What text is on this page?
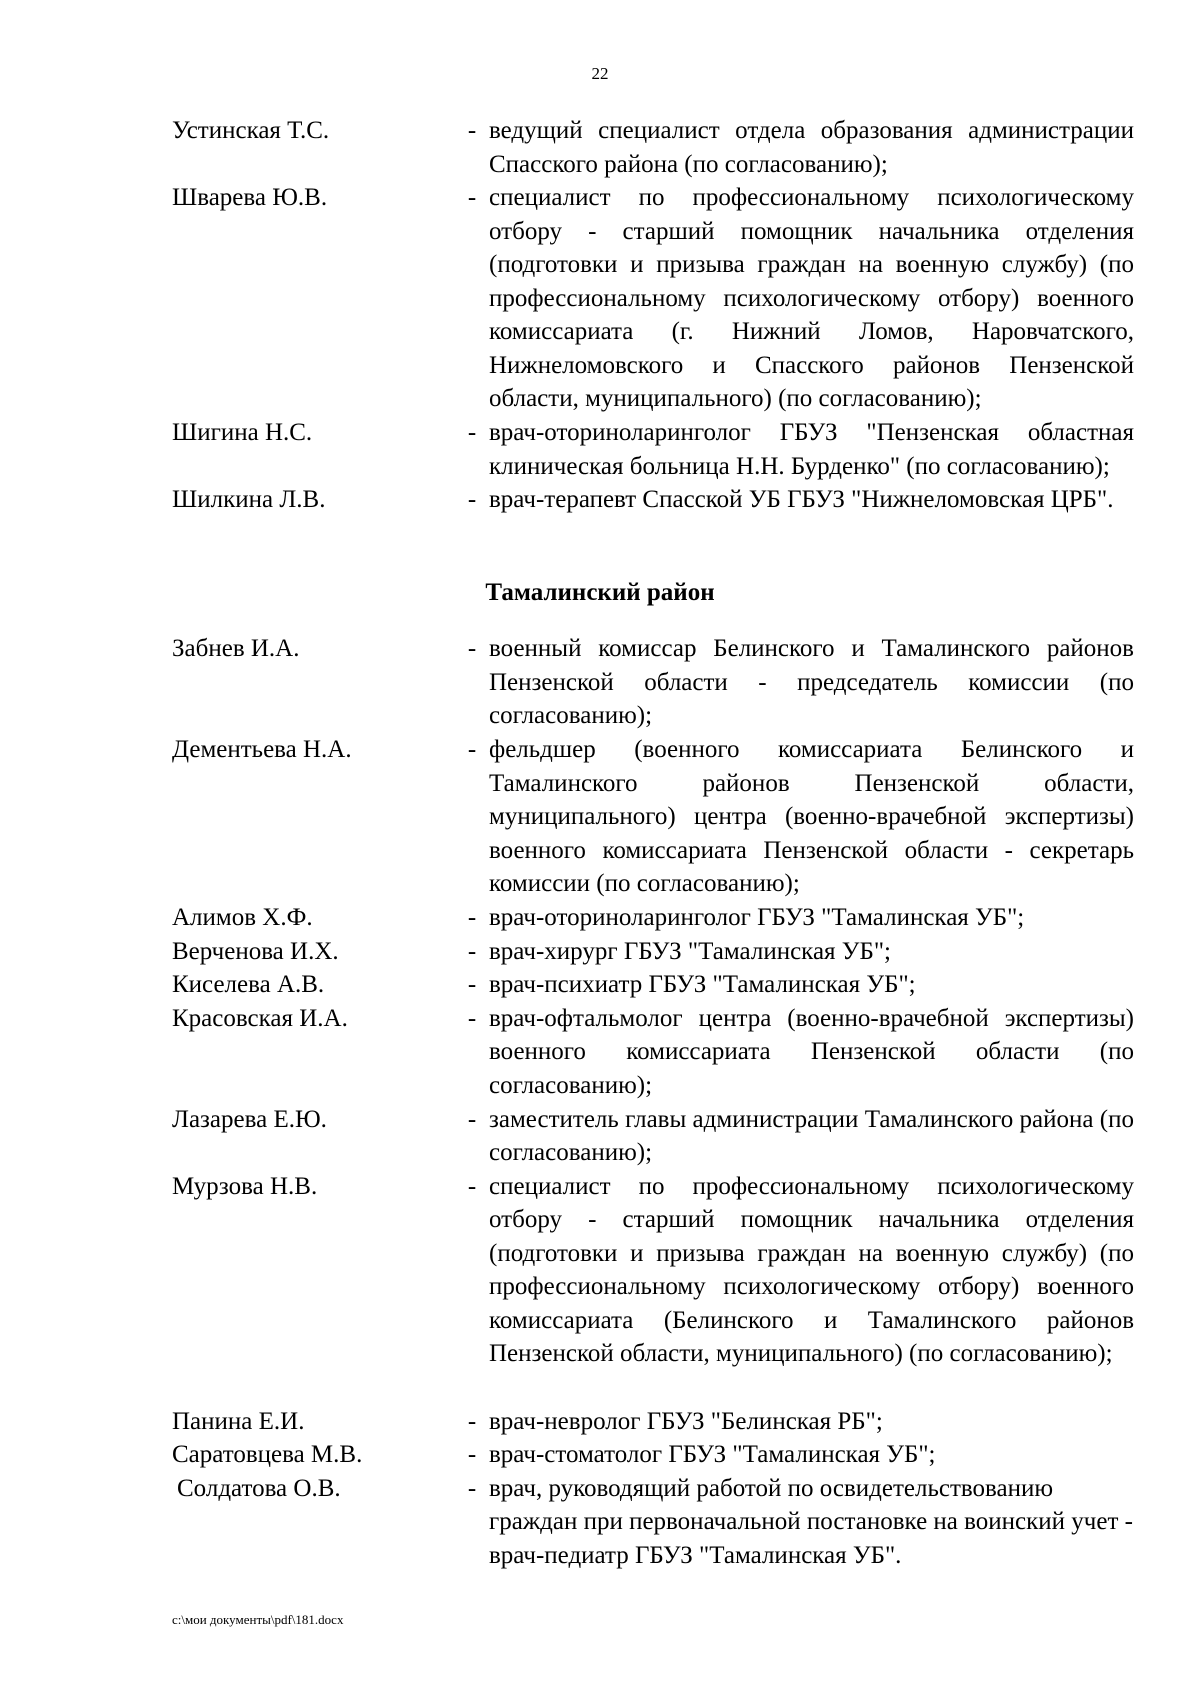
22
Устинская Т.С.	- ведущий специалист отдела образования администрации Спасского района (по согласованию);
Шварева Ю.В.	- специалист по профессиональному психологическому отбору - старший помощник начальника отделения (подготовки и призыва граждан на военную службу) (по профессиональному психологическому отбору) военного комиссариата (г. Нижний Ломов, Наровчатского, Нижнеломовского и Спасского районов Пензенской области, муниципального) (по согласованию);
Шигина Н.С.	- врач-оториноларинголог ГБУЗ "Пензенская областная клиническая больница Н.Н. Бурденко" (по согласованию);
Шилкина Л.В.	- врач-терапевт Спасской УБ ГБУЗ "Нижнеломовская ЦРБ".
Тамалинский район
Забнев И.А.	- военный комиссар Белинского и Тамалинского районов Пензенской области - председатель комиссии (по согласованию);
Дементьева Н.А.	- фельдшер (военного комиссариата Белинского и Тамалинского районов Пензенской области, муниципального) центра (военно-врачебной экспертизы) военного комиссариата Пензенской области - секретарь комиссии (по согласованию);
Алимов Х.Ф.	- врач-оториноларинголог ГБУЗ "Тамалинская УБ";
Верченова И.Х.	- врач-хирург ГБУЗ "Тамалинская УБ";
Киселева А.В.	- врач-психиатр ГБУЗ "Тамалинская УБ";
Красовская И.А.	- врач-офтальмолог центра (военно-врачебной экспертизы) военного комиссариата Пензенской области (по согласованию);
Лазарева Е.Ю.	- заместитель главы администрации Тамалинского района (по согласованию);
Мурзова Н.В.	- специалист по профессиональному психологическому отбору - старший помощник начальника отделения (подготовки и призыва граждан на военную службу) (по профессиональному психологическому отбору) военного комиссариата (Белинского и Тамалинского районов Пензенской области, муниципального) (по согласованию);
Панина Е.И.	- врач-невролог ГБУЗ "Белинская РБ";
Саратовцева М.В.	- врач-стоматолог ГБУЗ "Тамалинская УБ";
Солдатова О.В.	- врач, руководящий работой по освидетельствованию граждан при первоначальной постановке на воинский учет - врач-педиатр ГБУЗ "Тамалинская УБ".
c:\мои документы\pdf\181.docx
